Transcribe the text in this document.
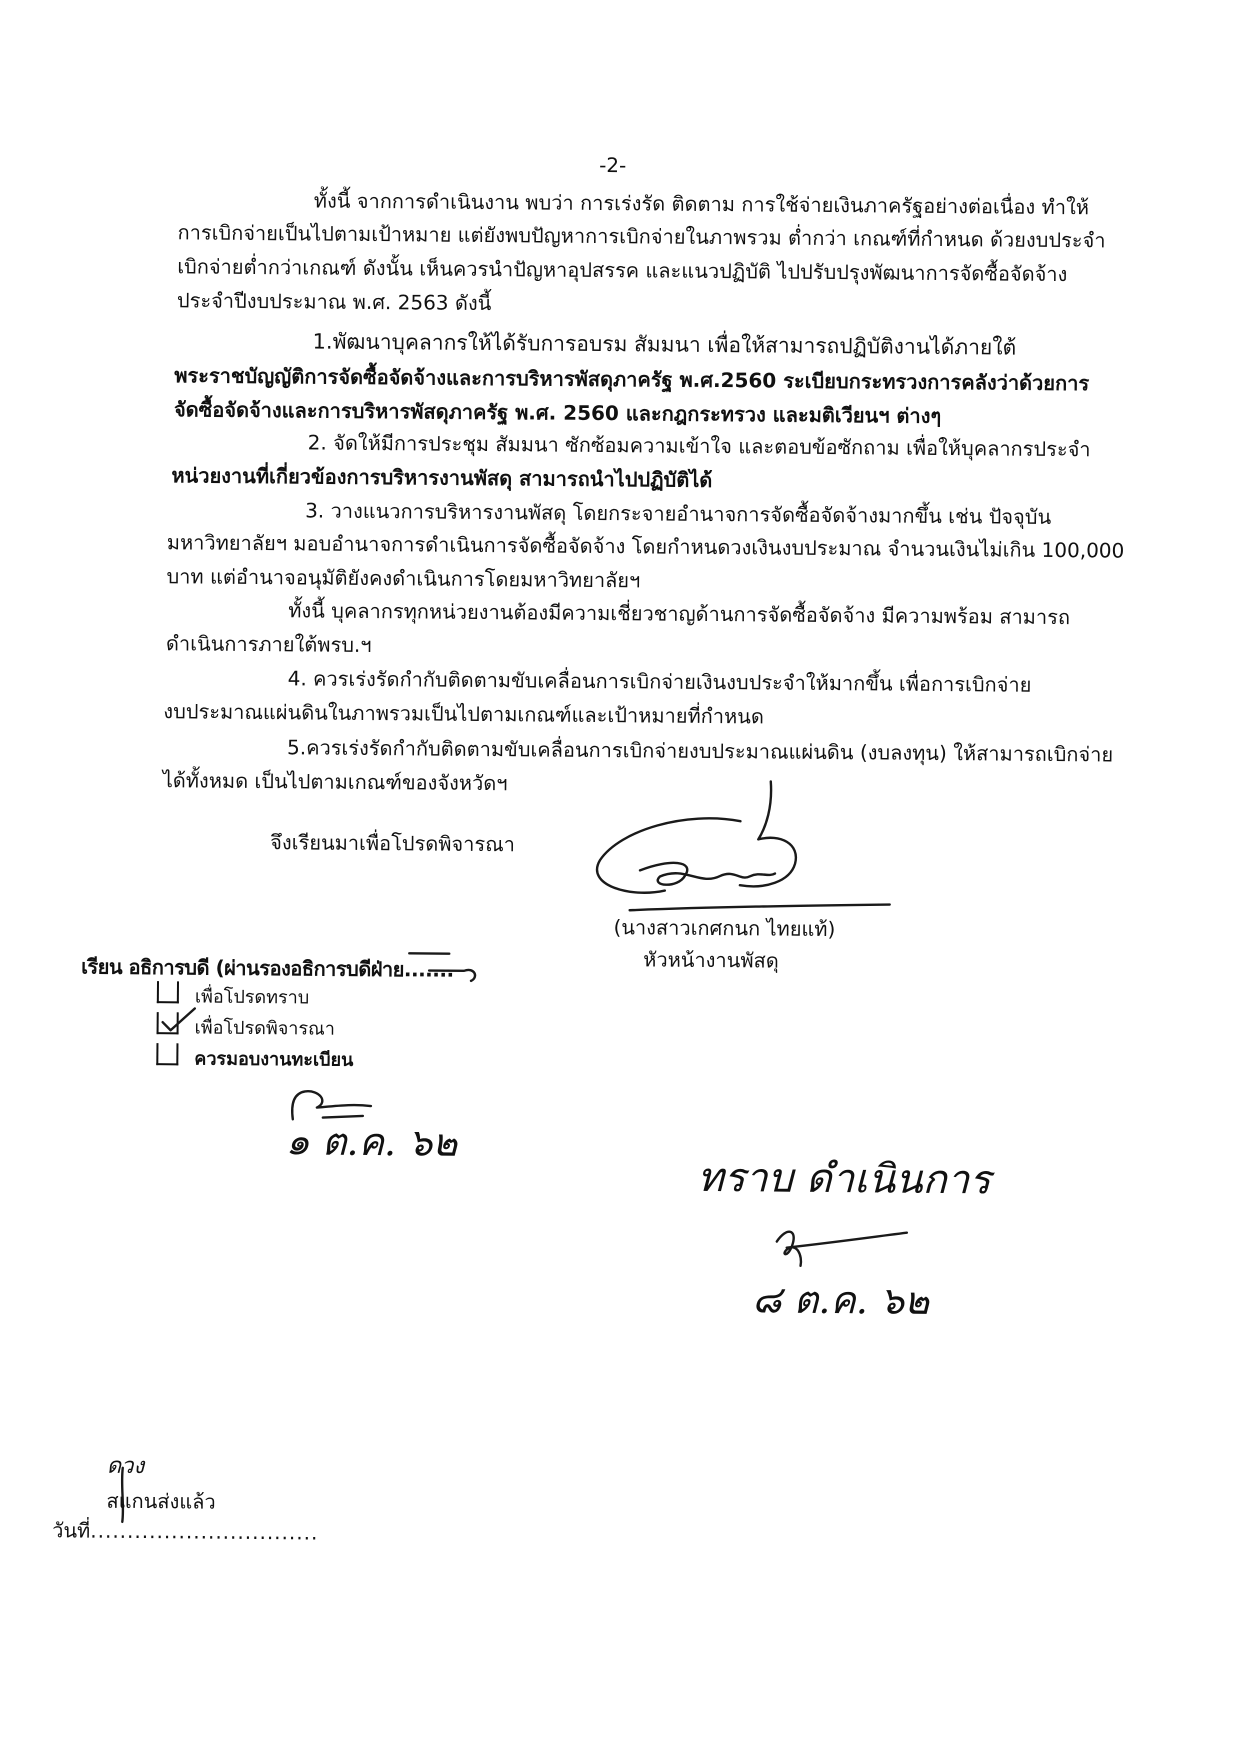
-2-
ทั้งนี้ จากการดำเนินงาน พบว่า การเร่งรัด ติดตาม การใช้จ่ายเงินภาครัฐอย่างต่อเนื่อง ทำให้
การเบิกจ่ายเป็นไปตามเป้าหมาย แต่ยังพบปัญหาการเบิกจ่ายในภาพรวม ต่ำกว่า เกณฑ์ที่กำหนด ด้วยงบประจำ
เบิกจ่ายต่ำกว่าเกณฑ์ ดังนั้น เห็นควรนำปัญหาอุปสรรค และแนวปฏิบัติ ไปปรับปรุงพัฒนาการจัดซื้อจัดจ้าง
ประจำปีงบประมาณ พ.ศ. 2563 ดังนี้
1.พัฒนาบุคลากรให้ได้รับการอบรม สัมมนา เพื่อให้สามารถปฏิบัติงานได้ภายใต้
พระราชบัญญัติการจัดซื้อจัดจ้างและการบริหารพัสดุภาครัฐ พ.ศ.2560 ระเบียบกระทรวงการคลังว่าด้วยการ
จัดซื้อจัดจ้างและการบริหารพัสดุภาครัฐ พ.ศ. 2560 และกฎกระทรวง และมติเวียนฯ ต่างๆ
2. จัดให้มีการประชุม สัมมนา ซักซ้อมความเข้าใจ และตอบข้อซักถาม เพื่อให้บุคลากรประจำ
หน่วยงานที่เกี่ยวข้องการบริหารงานพัสดุ สามารถนำไปปฏิบัติได้
3. วางแนวการบริหารงานพัสดุ โดยกระจายอำนาจการจัดซื้อจัดจ้างมากขึ้น เช่น ปัจจุบัน
มหาวิทยาลัยฯ มอบอำนาจการดำเนินการจัดซื้อจัดจ้าง โดยกำหนดวงเงินงบประมาณ จำนวนเงินไม่เกิน 100,000
บาท แต่อำนาจอนุมัติยังคงดำเนินการโดยมหาวิทยาลัยฯ
ทั้งนี้ บุคลากรทุกหน่วยงานต้องมีความเชี่ยวชาญด้านการจัดซื้อจัดจ้าง มีความพร้อม สามารถ
ดำเนินการภายใต้พรบ.ฯ
4. ควรเร่งรัดกำกับติดตามขับเคลื่อนการเบิกจ่ายเงินงบประจำให้มากขึ้น เพื่อการเบิกจ่าย
งบประมาณแผ่นดินในภาพรวมเป็นไปตามเกณฑ์และเป้าหมายที่กำหนด
5.ควรเร่งรัดกำกับติดตามขับเคลื่อนการเบิกจ่ายงบประมาณแผ่นดิน (งบลงทุน) ให้สามารถเบิกจ่าย
ได้ทั้งหมด เป็นไปตามเกณฑ์ของจังหวัดฯ
จึงเรียนมาเพื่อโปรดพิจารณา
(นางสาวเกศกนก ไทยแท้)
หัวหน้างานพัสดุ
เรียน อธิการบดี (ผ่านรองอธิการบดีฝ่าย.......
เพื่อโปรดทราบ
เพื่อโปรดพิจารณา
ควรมอบงานทะเบียน
๑ ต.ค. ๖๒
ทราบ ดำเนินการ
๘ ต.ค. ๖๒
ดวง
สแกนส่งแล้ว
วันที่...............................
